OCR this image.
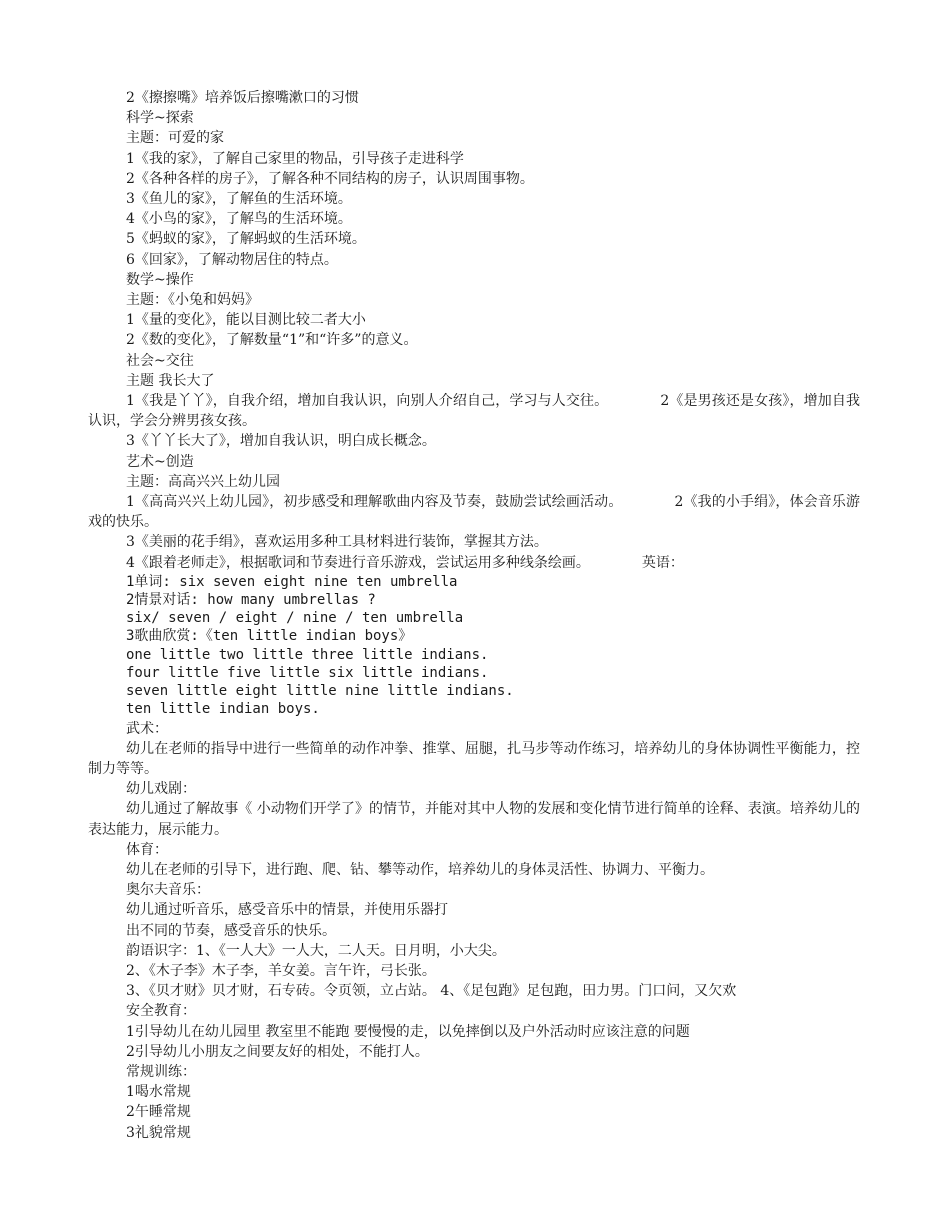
2《擦擦嘴》培养饭后擦嘴漱口的习惯

科学~探索

主题：可爱的家

1《我的家》，了解自己家里的物品，引导孩子走进科学

2《各种各样的房子》，了解各种不同结构的房子，认识周围事物。

3《鱼儿的家》，了解鱼的生活环境。

4《小鸟的家》，了解鸟的生活环境。

5《蚂蚁的家》，了解蚂蚁的生活环境。

6《回家》，了解动物居住的特点。

数学~操作

主题：《小兔和妈妈》

1《量的变化》，能以目测比较二者大小

2《数的变化》，了解数量“1”和“许多”的意义。

社会~交往

主题 我长大了

1《我是丫丫》，自我介绍，增加自我认识，向别人介绍自己，学习与人交往。	2《是男孩还是女孩》，增加自我认识，学会分辨男孩女孩。

3《丫丫长大了》，增加自我认识，明白成长概念。

艺术~创造

主题：高高兴兴上幼儿园

1《高高兴兴上幼儿园》，初步感受和理解歌曲内容及节奏，鼓励尝试绘画活动。	2《我的小手绢》，体会音乐游戏的快乐。

3《美丽的花手绢》，喜欢运用多种工具材料进行装饰，掌握其方法。

4《跟着老师走》，根据歌词和节奏进行音乐游戏，尝试运用多种线条绘画。	英语：

1单词: six seven eight nine ten umbrella

2情景对话: how many umbrellas ?

six/ seven / eight / nine / ten umbrella

3歌曲欣赏:《ten little indian boys》

one little two little three little indians.

four little five little six little indians.

seven little eight little nine little indians.

ten little indian boys.

武术：

幼儿在老师的指导中进行一些简单的动作冲拳、推掌、屈腿，扎马步等动作练习，培养幼儿的身体协调性平衡能力，控制力等等。

幼儿戏剧：

幼儿通过了解故事《 小动物们开学了》的情节，并能对其中人物的发展和变化情节进行简单的诠释、表演。培养幼儿的表达能力，展示能力。

体育：

幼儿在老师的引导下，进行跑、爬、钻、攀等动作，培养幼儿的身体灵活性、协调力、平衡力。

奥尔夫音乐：

幼儿通过听音乐，感受音乐中的情景，并使用乐器打

出不同的节奏，感受音乐的快乐。

韵语识字：1、《一人大》一人大，二人天。日月明，小大尖。

2、《木子李》木子李，羊女姜。言午许，弓长张。

3、《贝才财》贝才财，石专砖。令页领，立占站。 4、《足包跑》足包跑，田力男。门口问，又欠欢

安全教育：

1引导幼儿在幼儿园里 教室里不能跑 要慢慢的走，以免摔倒以及户外活动时应该注意的问题

2引导幼儿小朋友之间要友好的相处，不能打人。

常规训练：

1喝水常规

2午睡常规

3礼貌常规
